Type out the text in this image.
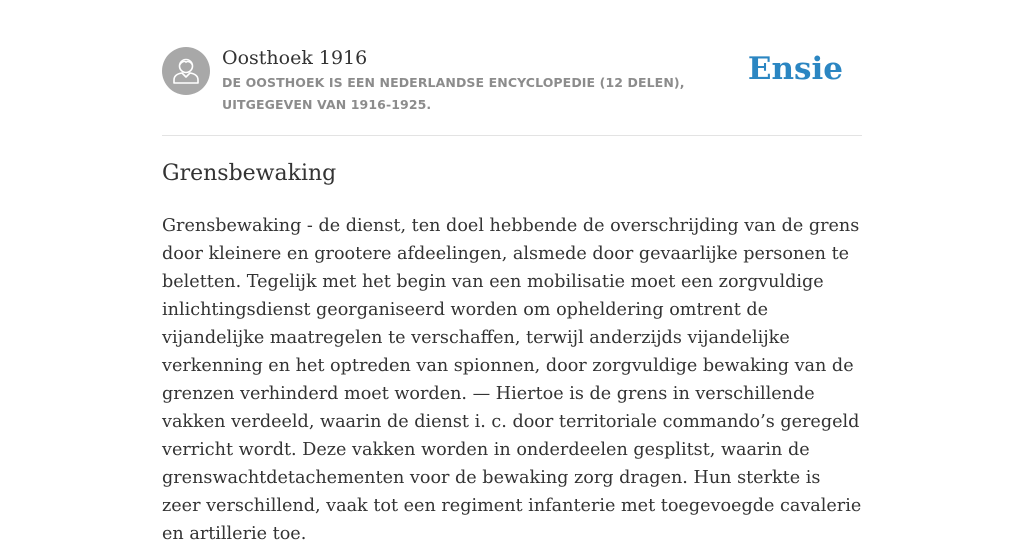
Oosthoek 1916
DE OOSTHOEK IS EEN NEDERLANDSE ENCYCLOPEDIE (12 DELEN), UITGEGEVEN VAN 1916-1925.
Ensie
Grensbewaking

Grensbewaking - de dienst, ten doel hebbende de overschrijding van de grens door kleinere en grootere afdeelingen, alsmede door gevaarlijke personen te beletten. Tegelijk met het begin van een mobilisatie moet een zorgvuldige inlichtingsdienst georganiseerd worden om opheldering omtrent de vijandelijke maatregelen te verschaffen, terwijl anderzijds vijandelijke verkenning en het optreden van spionnen, door zorgvuldige bewaking van de grenzen verhinderd moet worden. — Hiertoe is de grens in verschillende vakken verdeeld, waarin de dienst i. c. door territoriale commando’s geregeld verricht wordt. Deze vakken worden in onderdeelen gesplitst, waarin de grenswachtdetachementen voor de bewaking zorg dragen. Hun sterkte is zeer verschillend, vaak tot een regiment infanterie met toegevoegde cavalerie en artillerie toe.
